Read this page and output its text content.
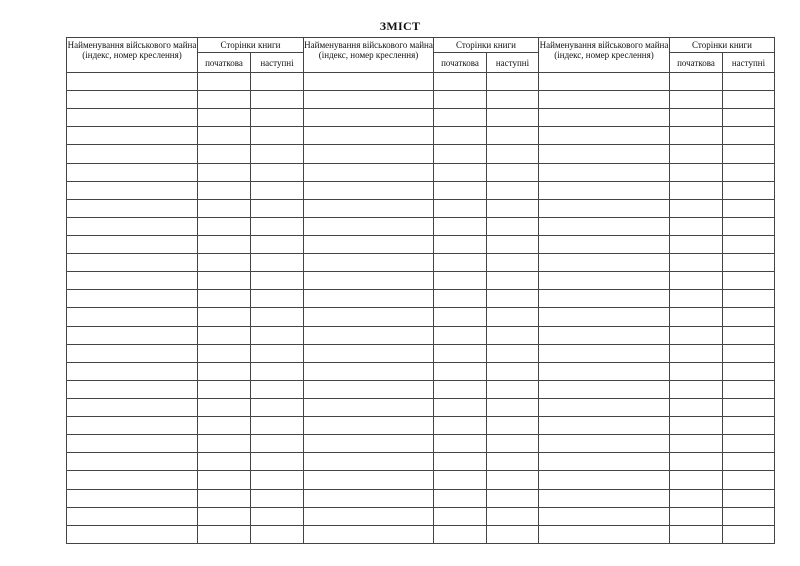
ЗМІСТ
Найменування військового майна (індекс, номер креслення)	Сторінки книги		Найменування військового майна (індекс, номер креслення)	Сторінки книги		Найменування військового майна (індекс, номер креслення)	Сторінки книги	
	початкова	наступні		початкова	наступні		початкова	наступні
